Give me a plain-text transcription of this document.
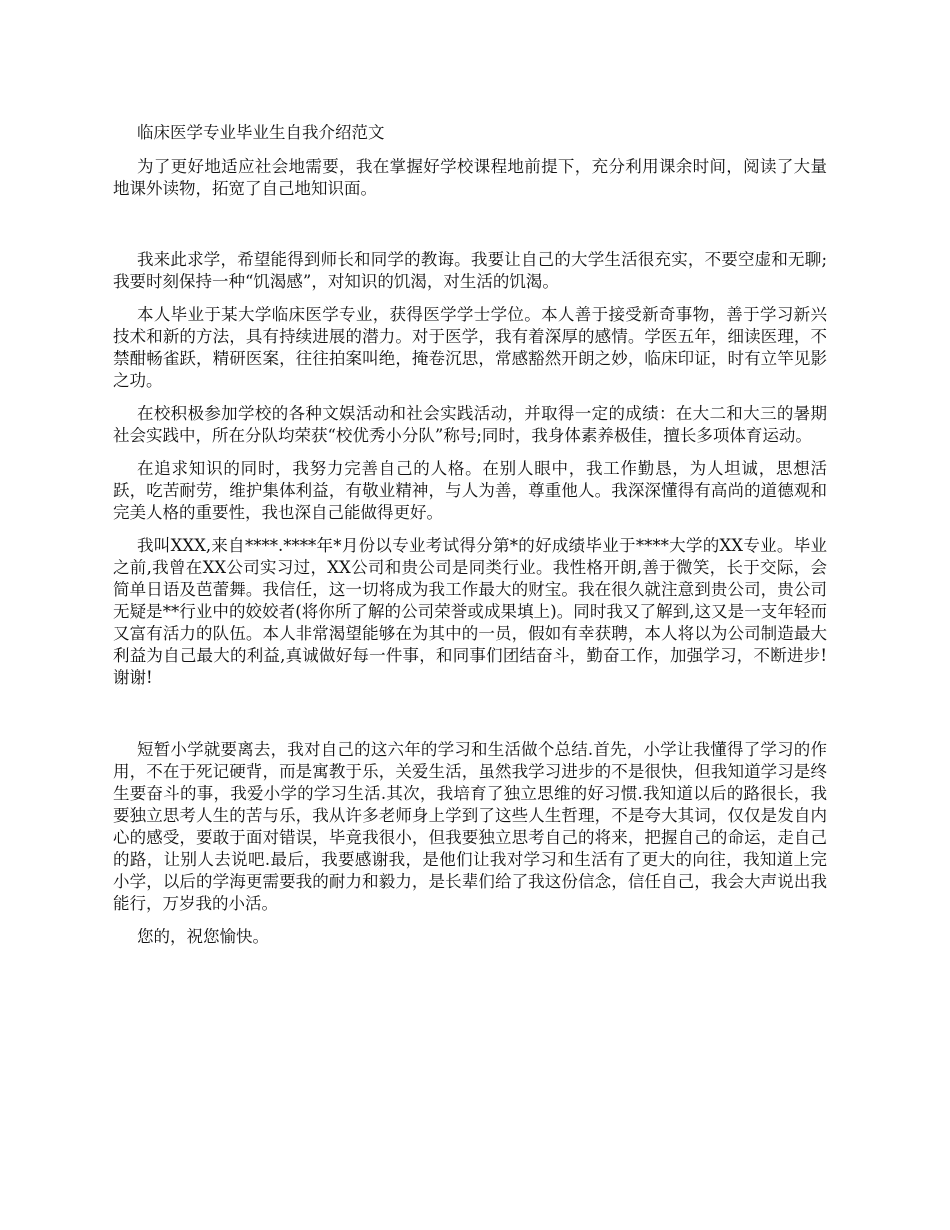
临床医学专业毕业生自我介绍范文

为了更好地适应社会地需要，我在掌握好学校课程地前提下，充分利用课余时间，阅读了大量地课外读物，拓宽了自己地知识面。

我来此求学，希望能得到师长和同学的教诲。我要让自己的大学生活很充实，不要空虚和无聊;我要时刻保持一种“饥渴感”，对知识的饥渴，对生活的饥渴。

本人毕业于某大学临床医学专业，获得医学学士学位。本人善于接受新奇事物，善于学习新兴技术和新的方法，具有持续进展的潜力。对于医学，我有着深厚的感情。学医五年，细读医理，不禁酣畅雀跃，精研医案，往往拍案叫绝，掩卷沉思，常感豁然开朗之妙，临床印证，时有立竿见影之功。

在校积极参加学校的各种文娱活动和社会实践活动，并取得一定的成绩：在大二和大三的暑期社会实践中，所在分队均荣获“校优秀小分队”称号;同时，我身体素养极佳，擅长多项体育运动。

在追求知识的同时，我努力完善自己的人格。在别人眼中，我工作勤恳，为人坦诚，思想活跃，吃苦耐劳，维护集体利益，有敬业精神，与人为善，尊重他人。我深深懂得有高尚的道德观和完美人格的重要性，我也深自己能做得更好。

我叫XXX,来自****.****年*月份以专业考试得分第*的好成绩毕业于****大学的XX专业。毕业之前,我曾在XX公司实习过，XX公司和贵公司是同类行业。我性格开朗,善于微笑，长于交际，会简单日语及芭蕾舞。我信任，这一切将成为我工作最大的财宝。我在很久就注意到贵公司，贵公司无疑是**行业中的姣姣者(将你所了解的公司荣誉或成果填上)。同时我又了解到,这又是一支年轻而又富有活力的队伍。本人非常渴望能够在为其中的一员，假如有幸获聘，本人将以为公司制造最大利益为自己最大的利益,真诚做好每一件事，和同事们团结奋斗，勤奋工作，加强学习，不断进步!谢谢!

短暂小学就要离去，我对自己的这六年的学习和生活做个总结.首先，小学让我懂得了学习的作用，不在于死记硬背，而是寓教于乐，关爱生活，虽然我学习进步的不是很快，但我知道学习是终生要奋斗的事，我爱小学的学习生活.其次，我培育了独立思维的好习惯.我知道以后的路很长，我要独立思考人生的苦与乐，我从许多老师身上学到了这些人生哲理，不是夸大其词，仅仅是发自内心的感受，要敢于面对错误，毕竟我很小，但我要独立思考自己的将来，把握自己的命运，走自己的路，让别人去说吧.最后，我要感谢我，是他们让我对学习和生活有了更大的向往，我知道上完小学，以后的学海更需要我的耐力和毅力，是长辈们给了我这份信念，信任自己，我会大声说出我能行，万岁我的小活。

您的，祝您愉快。
